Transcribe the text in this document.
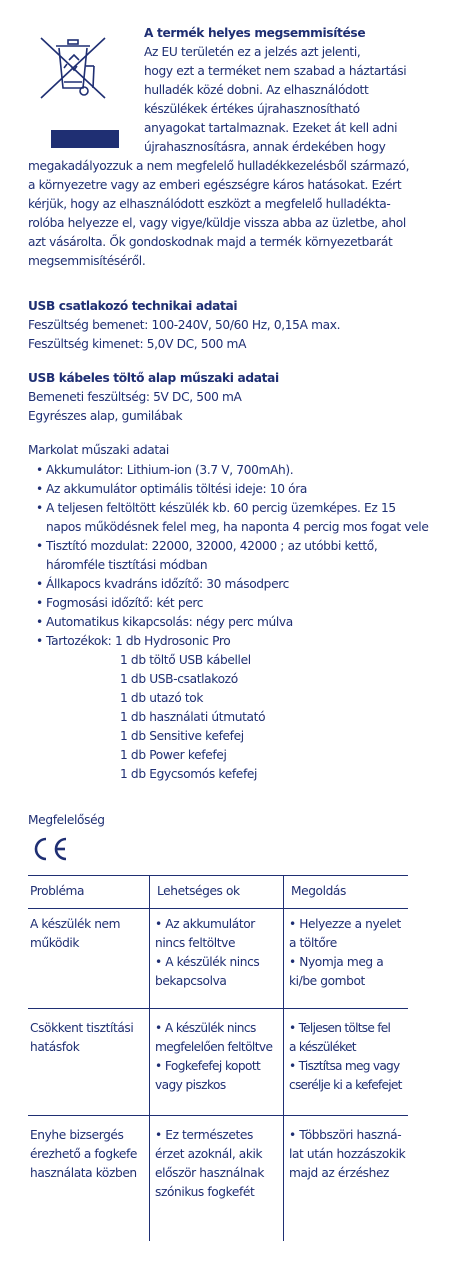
A termék helyes megsemmisítése
Az EU területén ez a jelzés azt jelenti,
hogy ezt a terméket nem szabad a háztartási
hulladék közé dobni. Az elhasználódott
készülékek értékes újrahasznosítható
anyagokat tartalmaznak. Ezeket át kell adni
újrahasznosításra, annak érdekében hogy
megakadályozzuk a nem megfelelő hulladékkezelésből származó,
a környezetre vagy az emberi egészségre káros hatásokat. Ezért
kérjük, hogy az elhasználódott eszközt a megfelelő hulladékta-
rolóba helyezze el, vagy vigye/küldje vissza abba az üzletbe, ahol
azt vásárolta. Ők gondoskodnak majd a termék környezetbarát
megsemmisítéséről.
USB csatlakozó technikai adatai
Feszültség bemenet: 100-240V, 50/60 Hz, 0,15A max.
Feszültség kimenet: 5,0V DC, 500 mA
USB kábeles töltő alap műszaki adatai
Bemeneti feszültség: 5V DC, 500 mA
Egyrészes alap, gumilábak
Markolat műszaki adatai
• Akkumulátor: Lithium-ion (3.7 V, 700mAh).
• Az akkumulátor optimális töltési ideje: 10 óra
• A teljesen feltöltött készülék kb. 60 percig üzemképes. Ez 15
napos működésnek felel meg, ha naponta 4 percig mos fogat vele
• Tisztító mozdulat: 22000, 32000, 42000 ; az utóbbi kettő,
háromféle tisztítási módban
• Állkapocs kvadráns időzítő: 30 másodperc
• Fogmosási időzítő: két perc
• Automatikus kikapcsolás: négy perc múlva
• Tartozékok: 1 db Hydrosonic Pro
1 db töltő USB kábellel
1 db USB-csatlakozó
1 db utazó tok
1 db használati útmutató
1 db Sensitive kefefej
1 db Power kefefej
1 db Egycsomós kefefej
Megfelelőség
Probléma	Lehetséges ok	Megoldás
A készülék nem
működik
• Az akkumulátor
nincs feltöltve
• A készülék nincs
bekapcsolva
• Helyezze a nyelet
a töltőre
• Nyomja meg a
ki/be gombot
Csökkent tisztítási
hatásfok
• A készülék nincs
megfelelően feltöltve
• Fogkefefej kopott
vagy piszkos
• Teljesen töltse fel
a készüléket
• Tisztítsa meg vagy
cserélje ki a kefefejet
Enyhe bizsergés
érezhető a fogkefe
használata közben
• Ez természetes
érzet azoknál, akik
először használnak
szónikus fogkefét
• Többszöri haszná-
lat után hozzászokik
majd az érzéshez
